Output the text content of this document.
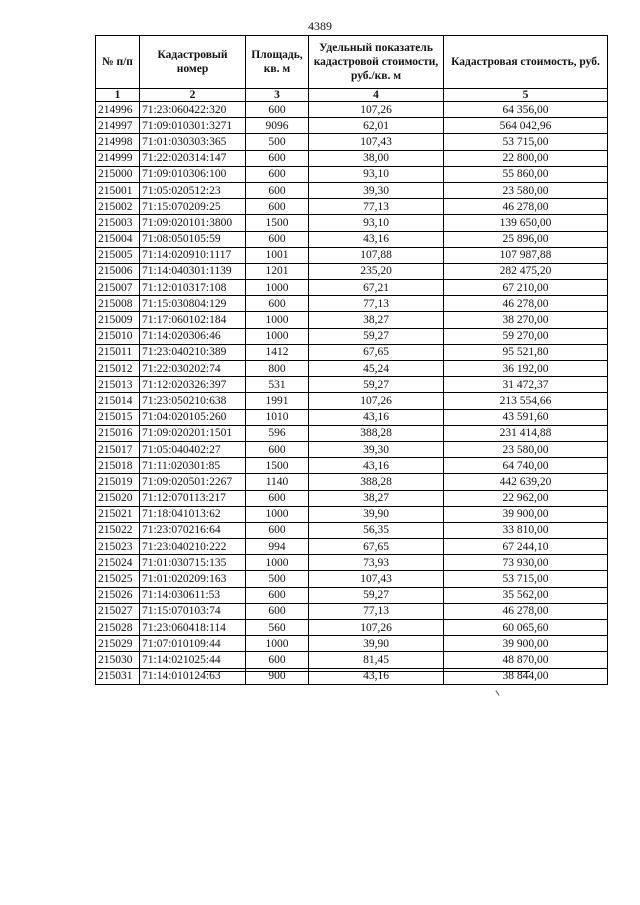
4389
№ п/п	Кадастровый номер	Площадь, кв. м	Удельный показатель кадастровой стоимости, руб./кв. м	Кадастровая стоимость, руб.
1	2	3	4	5
214996	71:23:060422:320	600	107,26	64 356,00
214997	71:09:010301:3271	9096	62,01	564 042,96
214998	71:01:030303:365	500	107,43	53 715,00
214999	71:22:020314:147	600	38,00	22 800,00
215000	71:09:010306:100	600	93,10	55 860,00
215001	71:05:020512:23	600	39,30	23 580,00
215002	71:15:070209:25	600	77,13	46 278,00
215003	71:09:020101:3800	1500	93,10	139 650,00
215004	71:08:050105:59	600	43,16	25 896,00
215005	71:14:020910:1117	1001	107,88	107 987,88
215006	71:14:040301:1139	1201	235,20	282 475,20
215007	71:12:010317:108	1000	67,21	67 210,00
215008	71:15:030804:129	600	77,13	46 278,00
215009	71:17:060102:184	1000	38,27	38 270,00
215010	71:14:020306:46	1000	59,27	59 270,00
215011	71:23:040210:389	1412	67,65	95 521,80
215012	71:22:030202:74	800	45,24	36 192,00
215013	71:12:020326:397	531	59,27	31 472,37
215014	71:23:050210:638	1991	107,26	213 554,66
215015	71:04:020105:260	1010	43,16	43 591,60
215016	71:09:020201:1501	596	388,28	231 414,88
215017	71:05:040402:27	600	39,30	23 580,00
215018	71:11:020301:85	1500	43,16	64 740,00
215019	71:09:020501:2267	1140	388,28	442 639,20
215020	71:12:070113:217	600	38,27	22 962,00
215021	71:18:041013:62	1000	39,90	39 900,00
215022	71:23:070216:64	600	56,35	33 810,00
215023	71:23:040210:222	994	67,65	67 244,10
215024	71:01:030715:135	1000	73,93	73 930,00
215025	71:01:020209:163	500	107,43	53 715,00
215026	71:14:030611:53	600	59,27	35 562,00
215027	71:15:070103:74	600	77,13	46 278,00
215028	71:23:060418:114	560	107,26	60 065,60
215029	71:07:010109:44	1000	39,90	39 900,00
215030	71:14:021025:44	600	81,45	48 870,00
215031	71:14:010124:63	900	43,16	38 844,00
